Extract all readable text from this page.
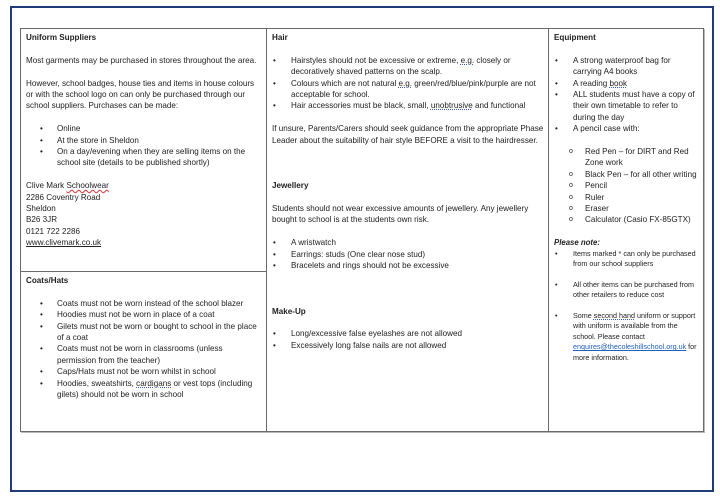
Uniform Suppliers

Most garments may be purchased in stores throughout the area.

However, school badges, house ties and items in house colours or with the school logo on can only be purchased through our school suppliers. Purchases can be made:

• Online
• At the store in Sheldon
• On a day/evening when they are selling items on the school site (details to be published shortly)

Clive Mark Schoolwear

2286 Coventry Road

Sheldon

B26 3JR

0121 722 2286

www.clivemark.co.uk

Coats/Hats
• Coats must not be worn instead of the school blazer
• Hoodies must not be worn in place of a coat
• Gilets must not be worn or bought to school in the place of a coat
• Coats must not be worn in classrooms (unless permission from the teacher)
• Caps/Hats must not be worn whilst in school
• Hoodies, sweatshirts, cardigans or vest tops (including gilets) should not be worn in school
Hair
• Hairstyles should not be excessive or extreme, e.g. closely or decoratively shaved patterns on the scalp.
• Colours which are not natural e.g. green/red/blue/pink/purple are not acceptable for school.
• Hair accessories must be black, small, unobtrusive and functional

If unsure, Parents/Carers should seek guidance from the appropriate Phase Leader about the suitability of hair style BEFORE a visit to the hairdresser.

Jewellery

Students should not wear excessive amounts of jewellery. Any jewellery bought to school is at the students own risk.

• A wristwatch
• Earrings: studs (One clear nose stud)
• Bracelets and rings should not be excessive
Make-Up
• Long/excessive false eyelashes are not allowed
• Excessively long false nails are not allowed
Equipment
• A strong waterproof bag for carrying A4 books
• A reading book
• ALL students must have a copy of their own timetable to refer to during the day
• A pencil case with:
o Red Pen – for DIRT and Red Zone work
o Black Pen – for all other writing
o Pencil
o Ruler
o Eraser
o Calculator (Casio FX-85GTX)

Please note:

• Items marked * can only be purchased from our school suppliers
• All other items can be purchased from other retailers to reduce cost
• Some second hand uniform or support with uniform is available from the school. Please contact enquires@thecoleshillschool.org.uk for more information.
